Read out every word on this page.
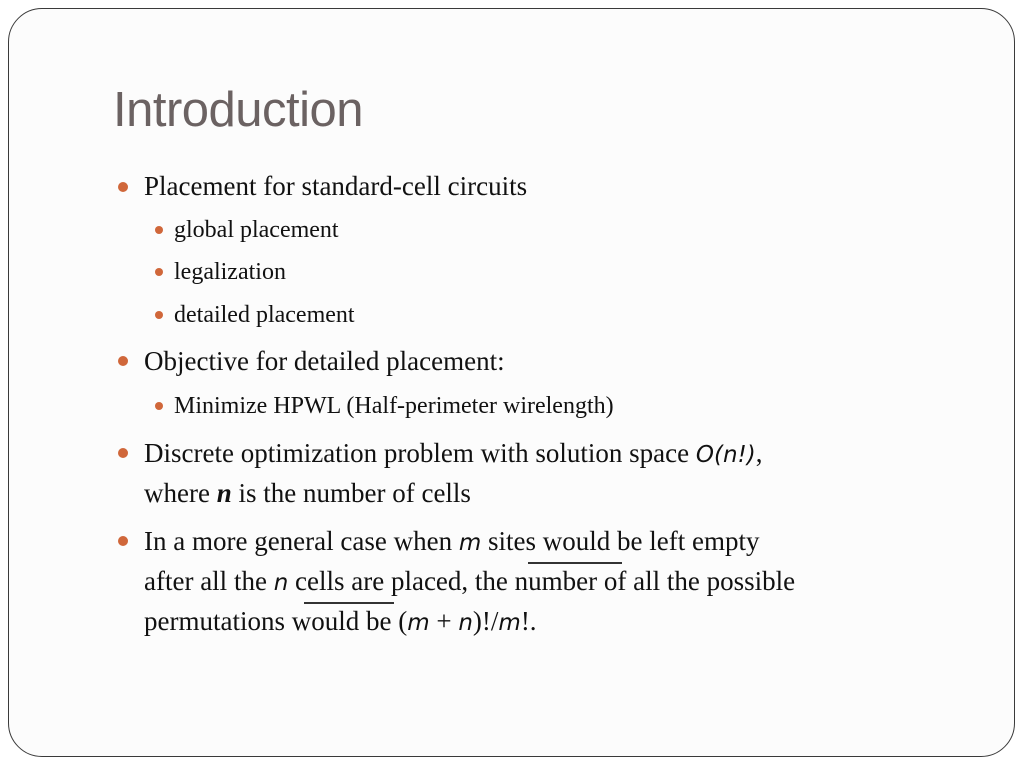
Introduction
Placement for standard-cell circuits
global placement
legalization
detailed placement
Objective for detailed placement:
Minimize HPWL (Half-perimeter wirelength)
Discrete optimization problem with solution space O(n!),
where n is the number of cells
In a more general case when m sites would be left empty
after all the n cells are placed, the number of all the possible
permutations would be (m + n)!/m!.
